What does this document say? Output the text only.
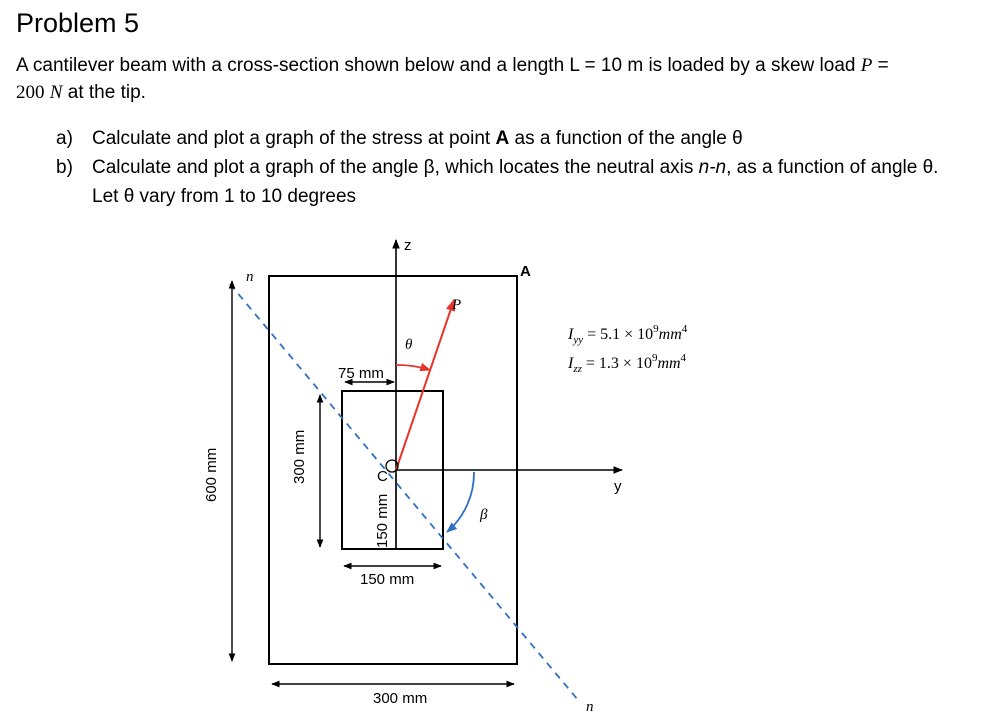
Problem 5
A cantilever beam with a cross-section shown below and a length L = 10 m is loaded by a skew load P =
200 N at the tip.
a)	Calculate and plot a graph of the stress at point A as a function of the angle θ
b)	Calculate and plot a graph of the angle β, which locates the neutral axis n-n, as a function of angle θ. Let θ vary from 1 to 10 degrees
z
y
A
C
P
θ
β
n
n
75 mm
150 mm
300 mm
600 mm	300 mm
150 mm
$I_{yy} = 5.1 \times 10^9mm^4$
$I_{zz} = 1.3 \times 10^9mm^4$
